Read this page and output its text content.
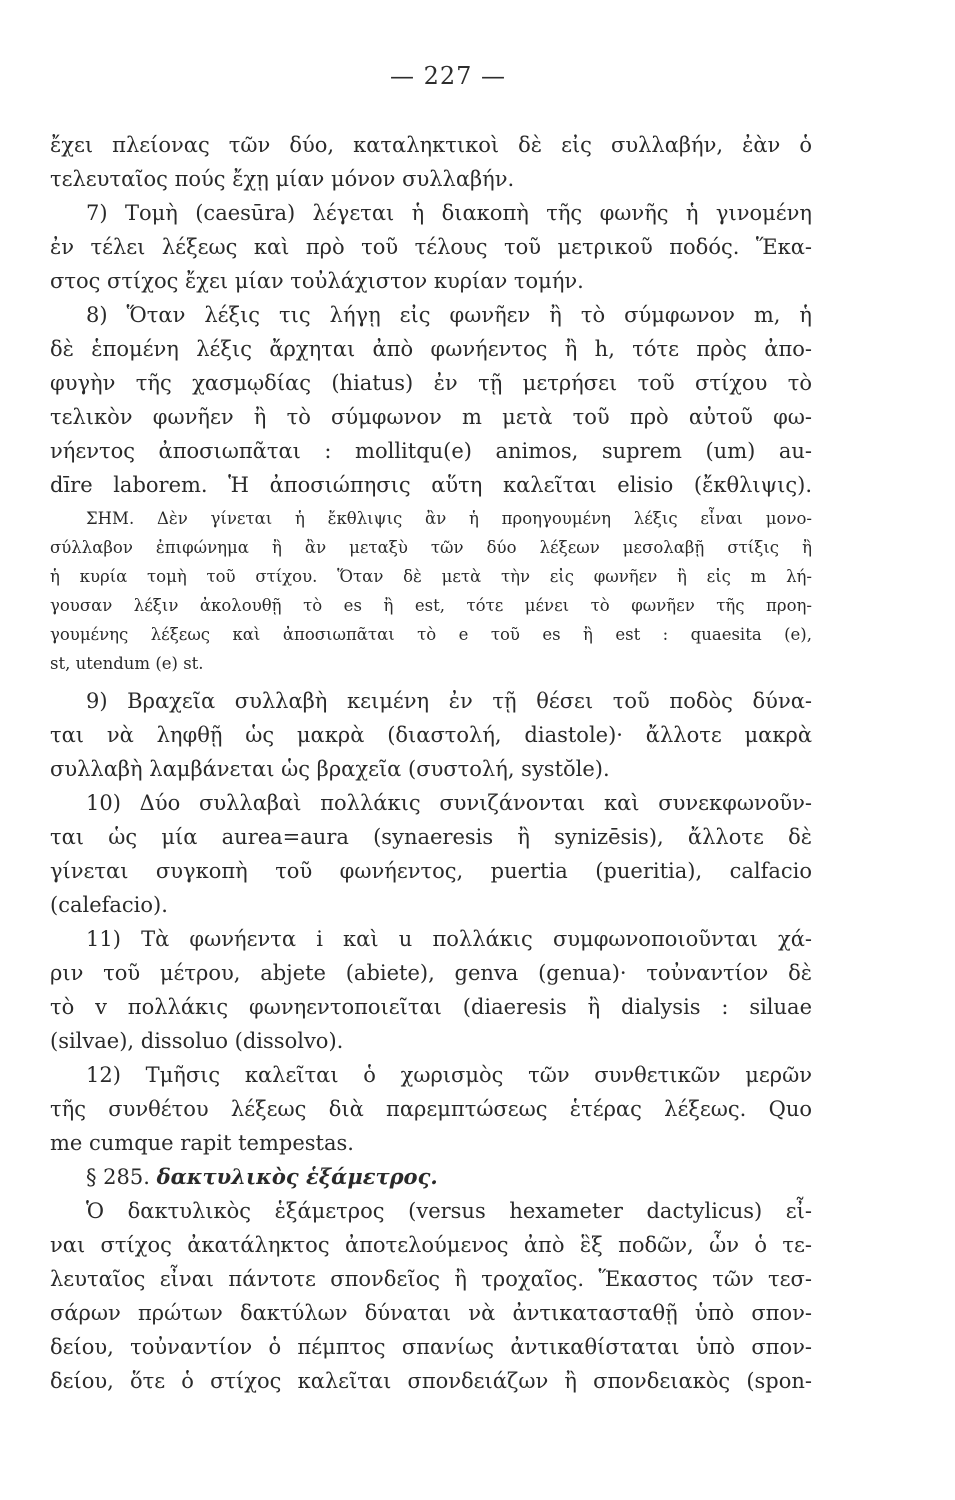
— 227 —
ἔχει πλείονας τῶν δύο, καταληκτικοὶ δὲ εἰς συλλαβήν, ἐὰν ὁ
τελευταῖος πούς ἔχῃ μίαν μόνον συλλαβήν.
7) Τομὴ (caesūra) λέγεται ἡ διακοπὴ τῆς φωνῆς ἡ γινομένη
ἐν τέλει λέξεως καὶ πρὸ τοῦ τέλους τοῦ μετρικοῦ ποδός. Ἕκα-
στος στίχος ἔχει μίαν τοὐλάχιστον κυρίαν τομήν.
8) Ὅταν λέξις τις λήγῃ εἰς φωνῆεν ἢ τὸ σύμφωνον m, ἡ
δὲ ἑπομένη λέξις ἄρχηται ἀπὸ φωνήεντος ἢ h, τότε πρὸς ἀπο-
φυγὴν τῆς χασμῳδίας (hiatus) ἐν τῇ μετρήσει τοῦ στίχου τὸ
τελικὸν φωνῆεν ἢ τὸ σύμφωνον m μετὰ τοῦ πρὸ αὐτοῦ φω-
νήεντος ἀποσιωπᾶται : mollitqu(e) animos, suprem (um) au-
dīre laborem. Ἡ ἀποσιώπησις αὕτη καλεῖται elisio (ἔκθλιψις).
ΣΗΜ. Δὲν γίνεται ἡ ἔκθλιψις ἂν ἡ προηγουμένη λέξις εἶναι μονο-
σύλλαβον ἐπιφώνημα ἢ ἂν μεταξὺ τῶν δύο λέξεων μεσολαβῇ στίξις ἢ
ἡ κυρία τομὴ τοῦ στίχου. Ὅταν δὲ μετὰ τὴν εἰς φωνῆεν ἢ εἰς m λή-
γουσαν λέξιν ἀκολουθῇ τὸ es ἢ est, τότε μένει τὸ φωνῆεν τῆς προη-
γουμένης λέξεως καὶ ἀποσιωπᾶται τὸ e τοῦ es ἢ est : quaesita (e),
st, utendum (e) st.
9) Βραχεῖα συλλαβὴ κειμένη ἐν τῇ θέσει τοῦ ποδὸς δύνα-
ται νὰ ληφθῇ ὡς μακρὰ (διαστολή, diastole)· ἄλλοτε μακρὰ
συλλαβὴ λαμβάνεται ὡς βραχεῖα (συστολή, systŏle).
10) Δύο συλλαβαὶ πολλάκις συνιζάνονται καὶ συνεκφωνοῦν-
ται ὡς μία aurea=aura (synaeresis ἢ synizēsis), ἄλλοτε δὲ
γίνεται συγκοπὴ τοῦ φωνήεντος, puertia (pueritia), calfacio
(calefacio).
11) Τὰ φωνήεντα i καὶ u πολλάκις συμφωνοποιοῦνται χά-
ριν τοῦ μέτρου, abjete (abiete), genva (genua)· τοὐναντίον δὲ
τὸ v πολλάκις φωνηεντοποιεῖται (diaeresis ἢ dialysis : siluae
(silvae), dissoluo (dissolvo).
12) Τμῆσις καλεῖται ὁ χωρισμὸς τῶν συνθετικῶν μερῶν
τῆς συνθέτου λέξεως διὰ παρεμπτώσεως ἑτέρας λέξεως. Quo
me cumque rapit tempestas.
§ 285. δακτυλικὸς ἑξάμετρος.
Ὁ δακτυλικὸς ἑξάμετρος (versus hexameter dactylicus) εἶ-
ναι στίχος ἀκατάληκτος ἀποτελούμενος ἀπὸ ἓξ ποδῶν, ὧν ὁ τε-
λευταῖος εἶναι πάντοτε σπονδεῖος ἢ τροχαῖος. Ἕκαστος τῶν τεσ-
σάρων πρώτων δακτύλων δύναται νὰ ἀντικατασταθῇ ὑπὸ σπον-
δείου, τοὐναντίον ὁ πέμπτος σπανίως ἀντικαθίσταται ὑπὸ σπον-
δείου, ὅτε ὁ στίχος καλεῖται σπονδειάζων ἢ σπονδειακὸς (spon-
